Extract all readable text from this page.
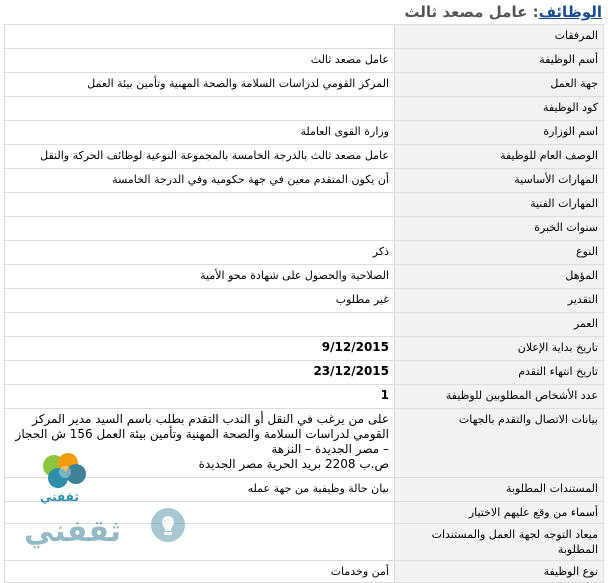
الوظائف
:

عامل مصعد ثالث
المرفقات	
أسم الوظيفة	عامل مصعد ثالث
جهة العمل	المركز القومي لدراسات السلامة والصحة المهنية وتأمين بيئة العمل
كود الوظيفة	
اسم الوزارة	وزارة القوى العاملة
الوصف العام للوظيفة	عامل مصعد ثالث بالدرجة الخامسة بالمجموعة النوعية لوظائف الحركة والنقل
المهارات الأساسية	أن يكون المتقدم معين في جهة حكومية وفي الدرجة الخامسة
المهارات الفنية	
سنوات الخبرة	
النوع	ذكر
المؤهل	الصلاحية والحصول على شهادة محو الأمية
التقدير	غير مطلوب
العمر	
تاريخ بداية الإعلان	9/12/2015
تاريخ انتهاء التقدم	23/12/2015
عدد الأشخاص المطلوبين للوظيفة	1
بيانات الاتصال والتقدم بالجهات	على من يرغب في النقل أو الندب التقدم بطلب باسم السيد مدير المركز القومي لدراسات السلامة والصحة المهنية وتأمين بيئة العمل 156 ش الحجاز – مصر الجديدة – النزهة
ص.ب 2208 بريد الحرية مصر الجديدة

المستندات المطلوبة	بيان حالة وظيفية من جهة عمله
أسماء من وقع عليهم الاختيار	
ميعاد التوجه لجهة العمل والمستندات المطلوبة	
نوع الوظيفة	أمن وخدمات
ثقفني
ثقفني
